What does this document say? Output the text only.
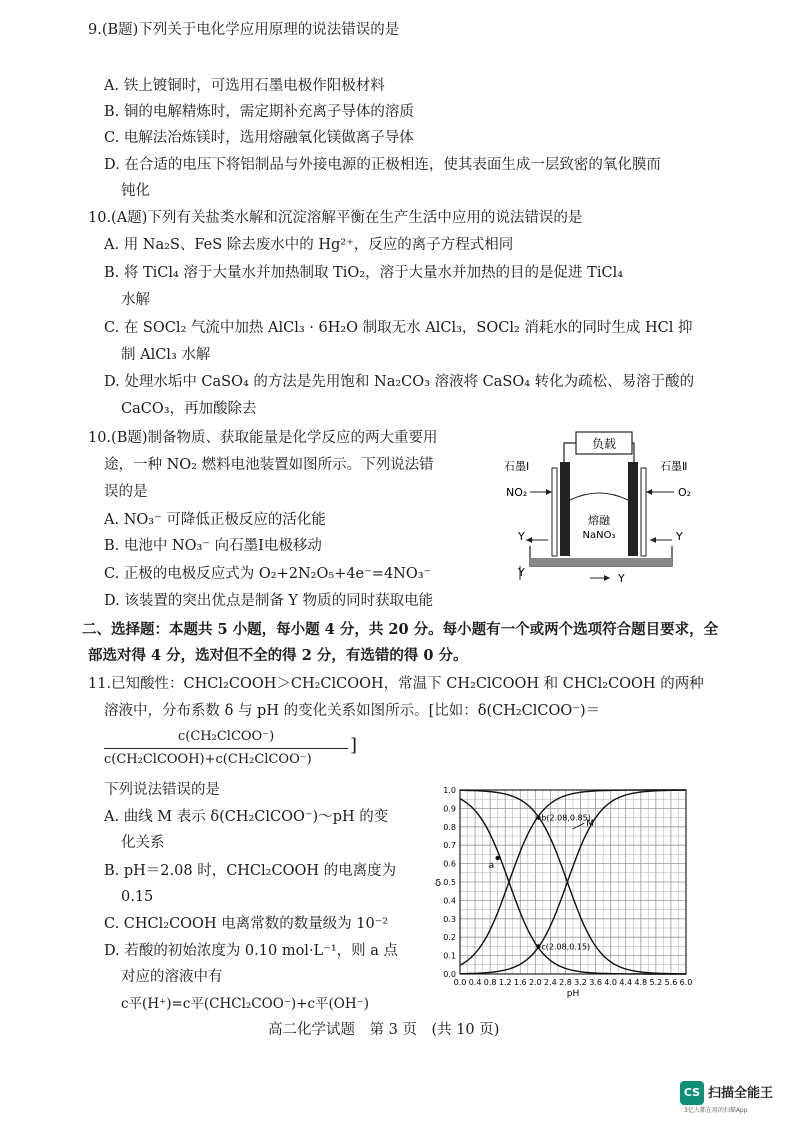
9.(B题)下列关于电化学应用原理的说法错误的是
A. 铁上镀铜时，可选用石墨电极作阳极材料
B. 铜的电解精炼时，需定期补充离子导体的溶质
C. 电解法冶炼镁时，选用熔融氧化镁做离子导体
D. 在合适的电压下将铝制品与外接电源的正极相连，使其表面生成一层致密的氧化膜而
钝化
10.(A题)下列有关盐类水解和沉淀溶解平衡在生产生活中应用的说法错误的是
A. 用 Na₂S、FeS 除去废水中的 Hg²⁺，反应的离子方程式相同
B. 将 TiCl₄ 溶于大量水并加热制取 TiO₂，溶于大量水并加热的目的是促进 TiCl₄
水解
C. 在 SOCl₂ 气流中加热 AlCl₃ · 6H₂O 制取无水 AlCl₃，SOCl₂ 消耗水的同时生成 HCl 抑
制 AlCl₃ 水解
D. 处理水垢中 CaSO₄ 的方法是先用饱和 Na₂CO₃ 溶液将 CaSO₄ 转化为疏松、易溶于酸的
CaCO₃，再加酸除去
10.(B题)制备物质、获取能量是化学反应的两大重要用
途，一种 NO₂ 燃料电池装置如图所示。下列说法错
误的是
A. NO₃⁻ 可降低正极反应的活化能
B. 电池中 NO₃⁻ 向石墨Ⅰ电极移动
C. 正极的电极反应式为 O₂+2N₂O₅+4e⁻=4NO₃⁻
D. 该装置的突出优点是制备 Y 物质的同时获取电能
负载
石墨Ⅰ	石墨Ⅱ
NO₂	O₂
熔融
NaNO₃
Y	Y
Y	Y
二、选择题：本题共 5 小题，每小题 4 分，共 20 分。每小题有一个或两个选项符合题目要求，全
部选对得 4 分，选对但不全的得 2 分，有选错的得 0 分。
11.已知酸性：CHCl₂COOH＞CH₂ClCOOH，常温下 CH₂ClCOOH 和 CHCl₂COOH 的两种
溶液中，分布系数 δ 与 pH 的变化关系如图所示。[比如：δ(CH₂ClCOO⁻)＝
c(CH₂ClCOO⁻)
c(CH₂ClCOOH)+c(CH₂ClCOO⁻)
]
下列说法错误的是
A. 曲线 M 表示 δ(CH₂ClCOO⁻)～pH 的变
化关系
B. pH＝2.08 时，CHCl₂COOH 的电离度为
0.15
C. CHCl₂COOH 电离常数的数量级为 10⁻²
D. 若酸的初始浓度为 0.10 mol·L⁻¹，则 a 点
对应的溶液中有
c平(H⁺)=c平(CHCl₂COO⁻)+c平(OH⁻)
0.0 0.4 0.8 1.2 1.6 2.0 2.4 2.8 3.2 3.6 4.0 4.4 4.8 5.2 5.6 6.0
0.0
0.1
0.2
0.3
0.4
0.5
0.6
0.7
0.8
0.9
1.0
pH
δ
b(2.08,0.85)
c(2.08,0.15)
a
M
高二化学试题　第 3 页　(共 10 页)
CS 扫描全能王
3亿人都在用的扫描App
